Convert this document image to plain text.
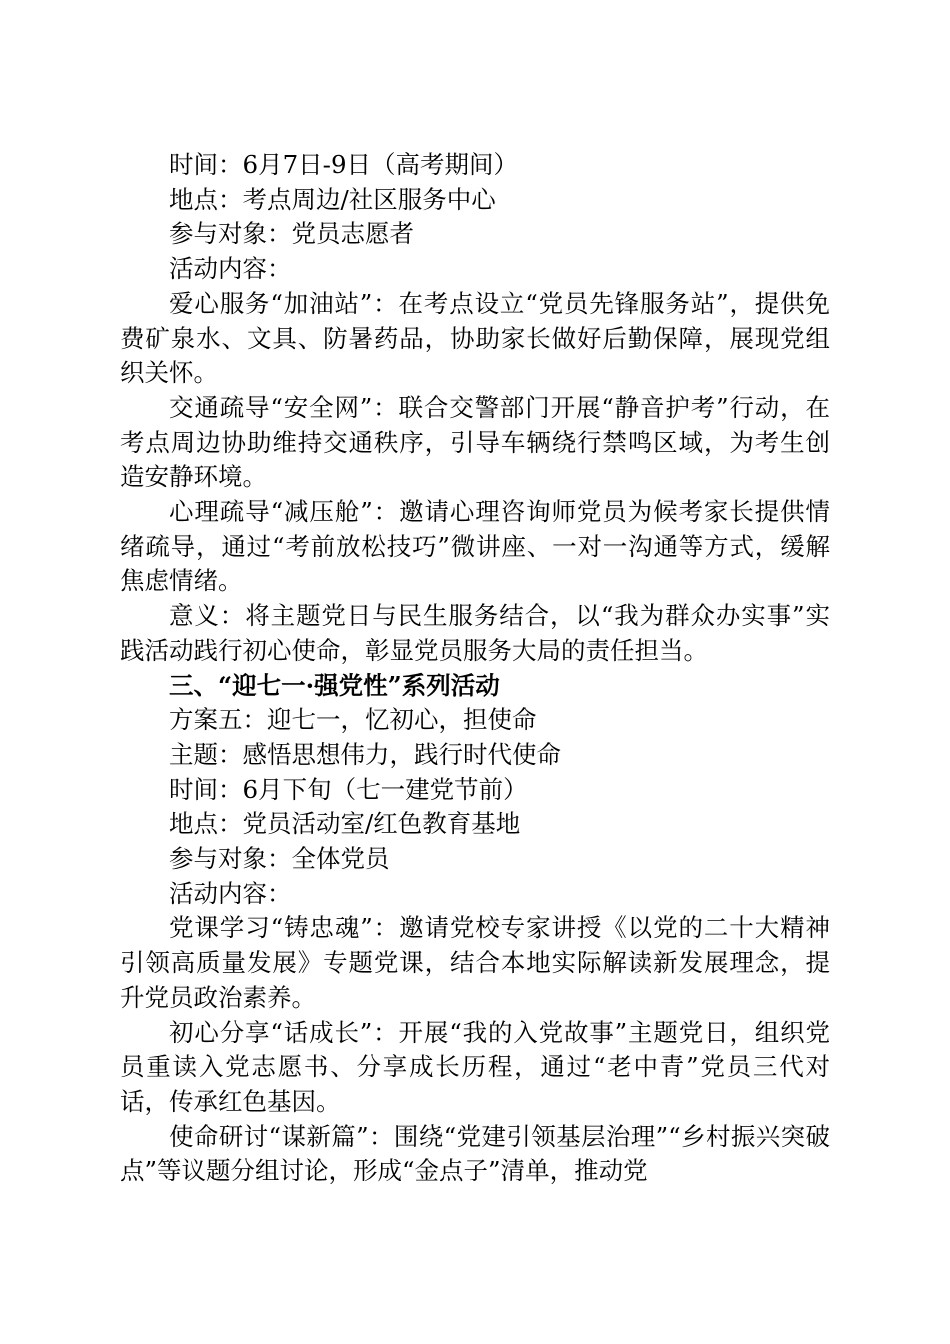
时间：6月7日-9日（高考期间）

地点：考点周边/社区服务中心

参与对象：党员志愿者

活动内容：

爱心服务“加油站”：在考点设立“党员先锋服务站”，提供免费矿泉水、文具、防暑药品，协助家长做好后勤保障，展现党组织关怀。

交通疏导“安全网”：联合交警部门开展“静音护考”行动，在考点周边协助维持交通秩序，引导车辆绕行禁鸣区域，为考生创造安静环境。

心理疏导“减压舱”：邀请心理咨询师党员为候考家长提供情绪疏导，通过“考前放松技巧”微讲座、一对一沟通等方式，缓解焦虑情绪。

意义：将主题党日与民生服务结合，以“我为群众办实事”实践活动践行初心使命，彰显党员服务大局的责任担当。

三、“迎七一·强党性”系列活动

方案五：迎七一，忆初心，担使命

主题：感悟思想伟力，践行时代使命

时间：6月下旬（七一建党节前）

地点：党员活动室/红色教育基地

参与对象：全体党员

活动内容：

党课学习“铸忠魂”：邀请党校专家讲授《以党的二十大精神引领高质量发展》专题党课，结合本地实际解读新发展理念，提升党员政治素养。

初心分享“话成长”：开展“我的入党故事”主题党日，组织党员重读入党志愿书、分享成长历程，通过“老中青”党员三代对话，传承红色基因。

使命研讨“谋新篇”：围绕“党建引领基层治理”“乡村振兴突破点”等议题分组讨论，形成“金点子”清单，推动党
